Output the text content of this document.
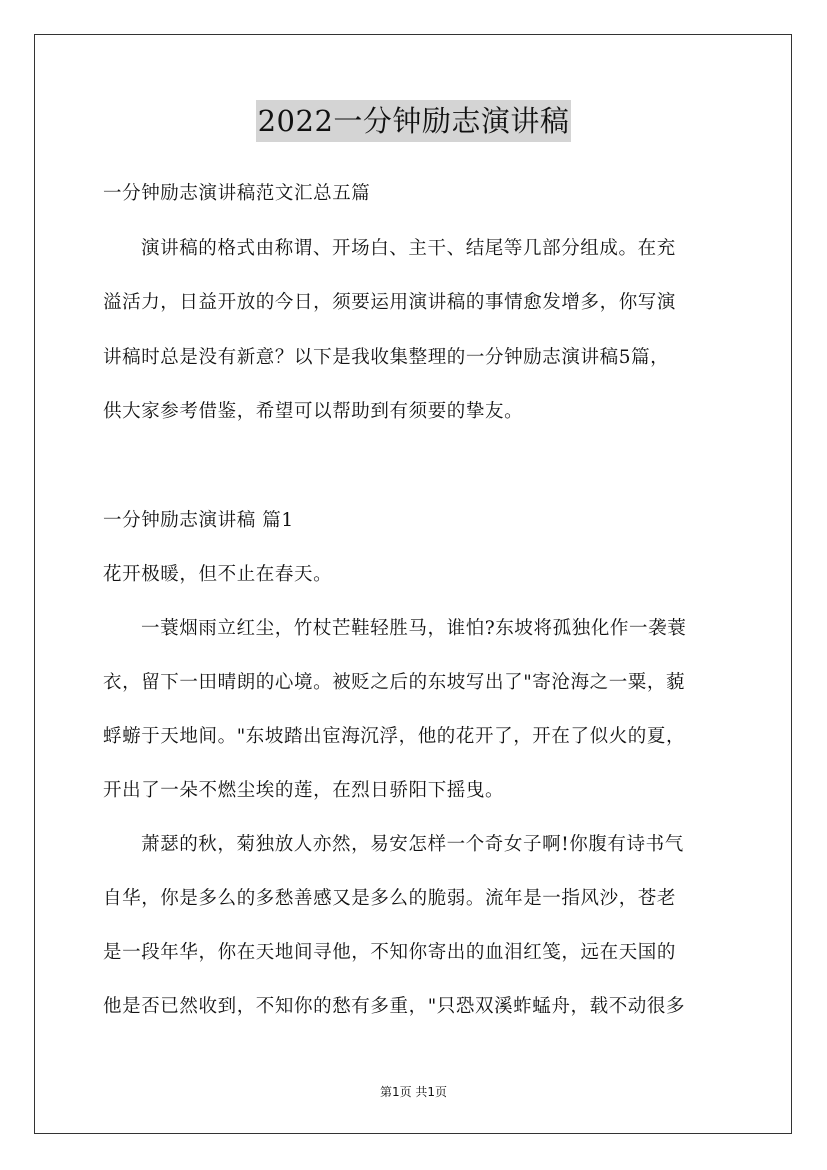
2022一分钟励志演讲稿
一分钟励志演讲稿范文汇总五篇
演讲稿的格式由称谓、开场白、主干、结尾等几部分组成。在充
溢活力，日益开放的今日，须要运用演讲稿的事情愈发增多，你写演
讲稿时总是没有新意？以下是我收集整理的一分钟励志演讲稿5篇，
供大家参考借鉴，希望可以帮助到有须要的挚友。
一分钟励志演讲稿 篇1
花开极暖，但不止在春天。
一蓑烟雨立红尘，竹杖芒鞋轻胜马，谁怕?东坡将孤独化作一袭蓑
衣，留下一田晴朗的心境。被贬之后的东坡写出了"寄沧海之一粟，藐
蜉蝣于天地间。"东坡踏出宦海沉浮，他的花开了，开在了似火的夏，
开出了一朵不燃尘埃的莲，在烈日骄阳下摇曳。
萧瑟的秋，菊独放人亦然，易安怎样一个奇女子啊!你腹有诗书气
自华，你是多么的多愁善感又是多么的脆弱。流年是一指风沙，苍老
是一段年华，你在天地间寻他，不知你寄出的血泪红笺，远在天国的
他是否已然收到，不知你的愁有多重，"只恐双溪蚱蜢舟，载不动很多
第1页 共1页
